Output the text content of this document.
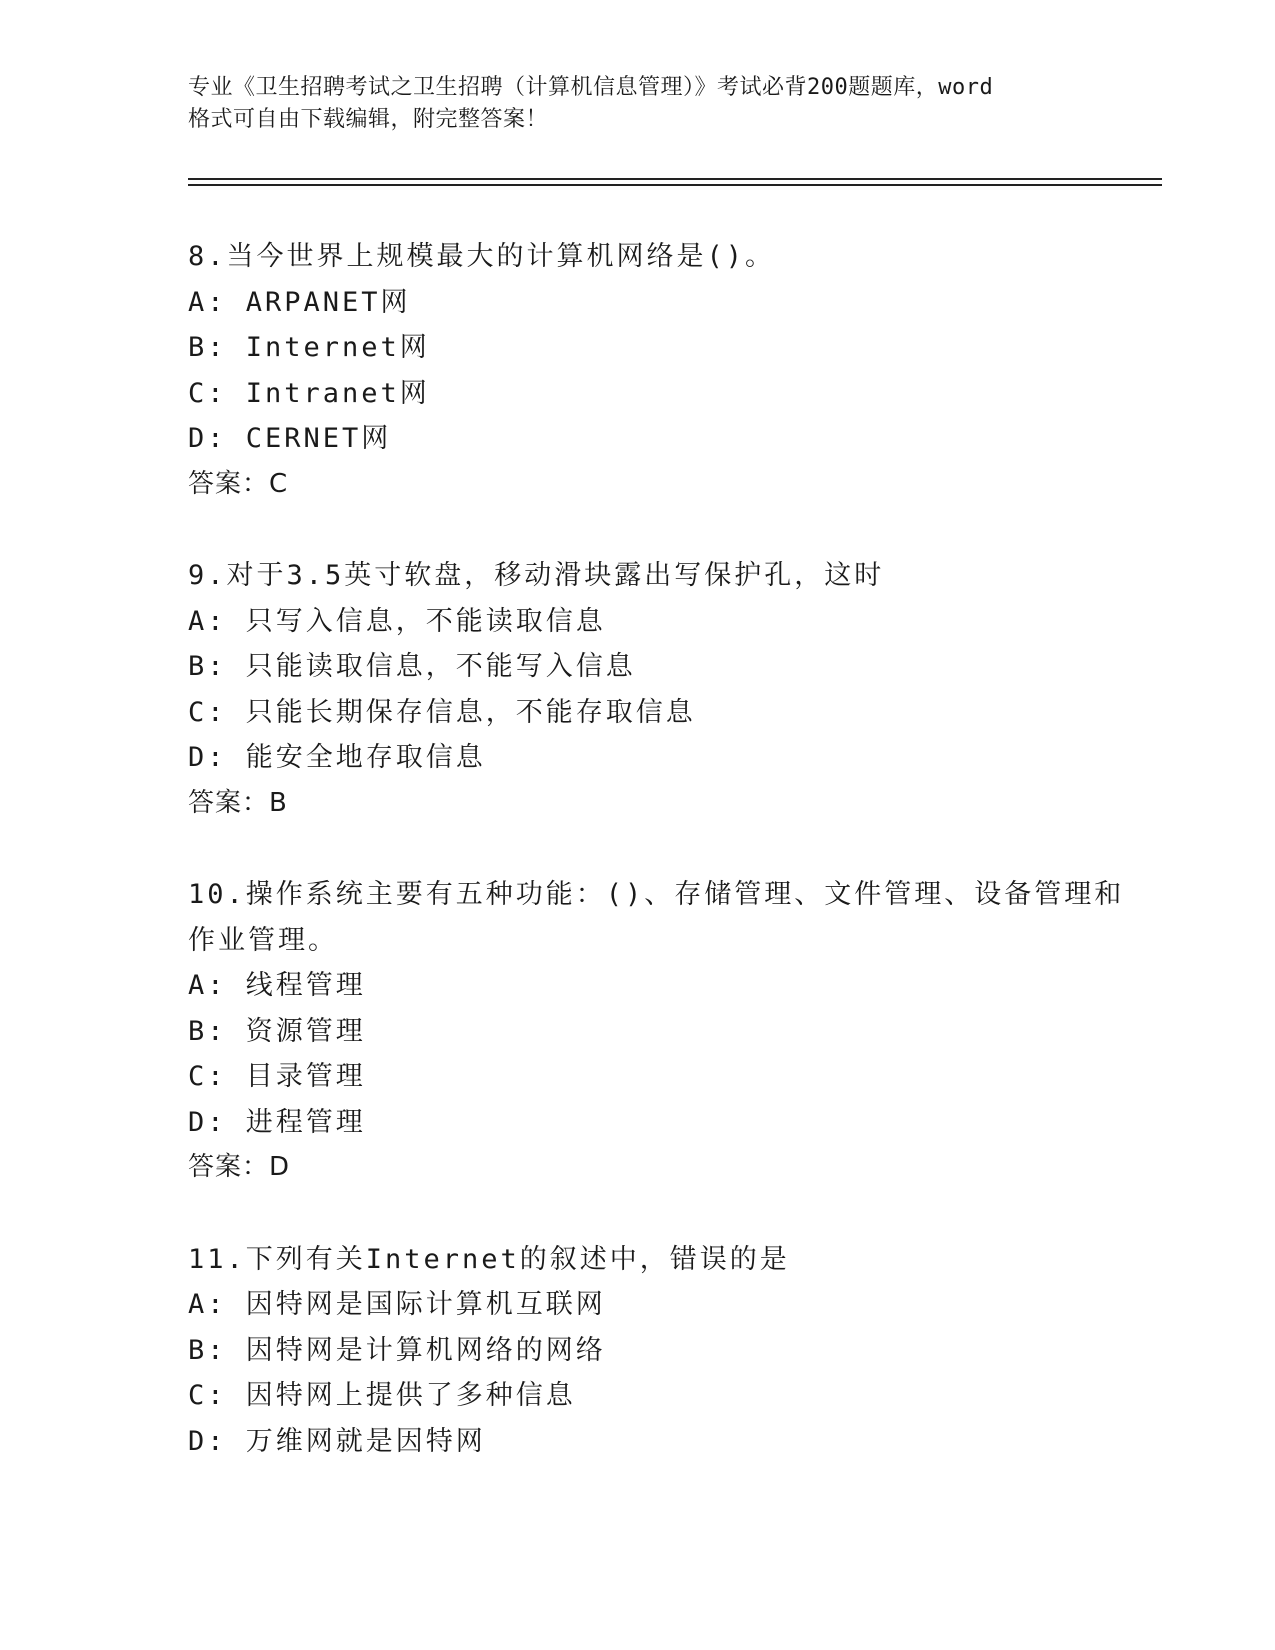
专业《卫生招聘考试之卫生招聘（计算机信息管理）》考试必背200题题库，word
格式可自由下载编辑，附完整答案！
8.当今世界上规模最大的计算机网络是()。
A: ARPANET网
B: Internet网
C: Intranet网
D: CERNET网
答案：C
9.对于3.5英寸软盘，移动滑块露出写保护孔，这时
A: 只写入信息，不能读取信息
B: 只能读取信息，不能写入信息
C: 只能长期保存信息，不能存取信息
D: 能安全地存取信息
答案：B
10.操作系统主要有五种功能：()、存储管理、文件管理、设备管理和
作业管理。
A: 线程管理
B: 资源管理
C: 目录管理
D: 进程管理
答案：D
11.下列有关Internet的叙述中，错误的是
A: 因特网是国际计算机互联网
B: 因特网是计算机网络的网络
C: 因特网上提供了多种信息
D: 万维网就是因特网
